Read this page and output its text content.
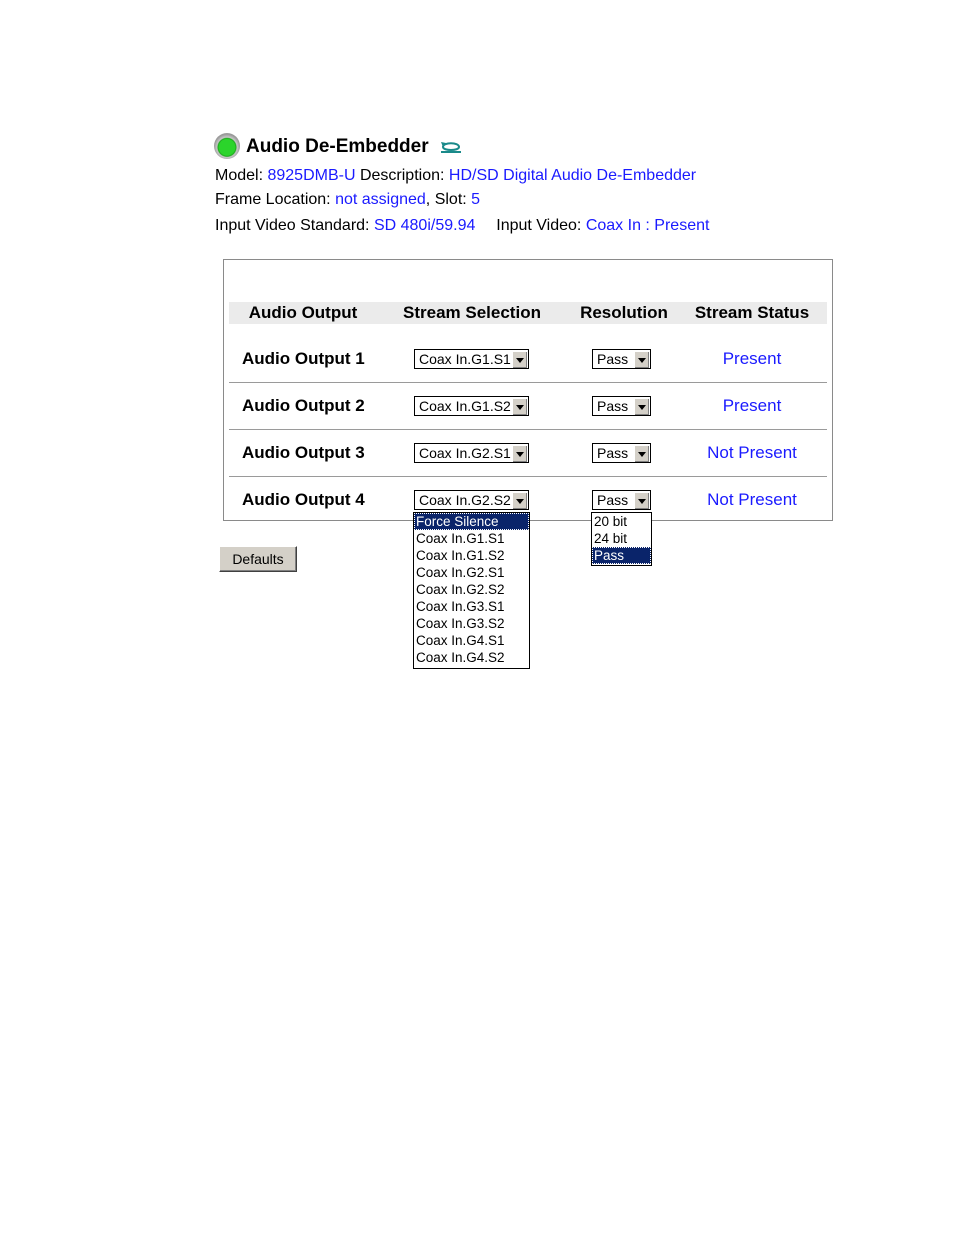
Audio De-Embedder
Model: 8925DMB-U Description: HD/SD Digital Audio De-Embedder
Frame Location: not assigned, Slot: 5
Input Video Standard: SD 480i/59.94 Input Video: Coax In : Present
Audio Output	Stream Selection	Resolution	Stream Status
Audio Output 1	Coax In.G1.S1	Pass	Present
Audio Output 2	Coax In.G1.S2	Pass	Present
Audio Output 3	Coax In.G2.S1	Pass	Not Present
Audio Output 4	Coax In.G2.S2	Pass	Not Present
Force Silence
Coax In.G1.S1
Coax In.G1.S2
Coax In.G2.S1
Coax In.G2.S2
Coax In.G3.S1
Coax In.G3.S2
Coax In.G4.S1
Coax In.G4.S2
20 bit
24 bit
Pass
Defaults
